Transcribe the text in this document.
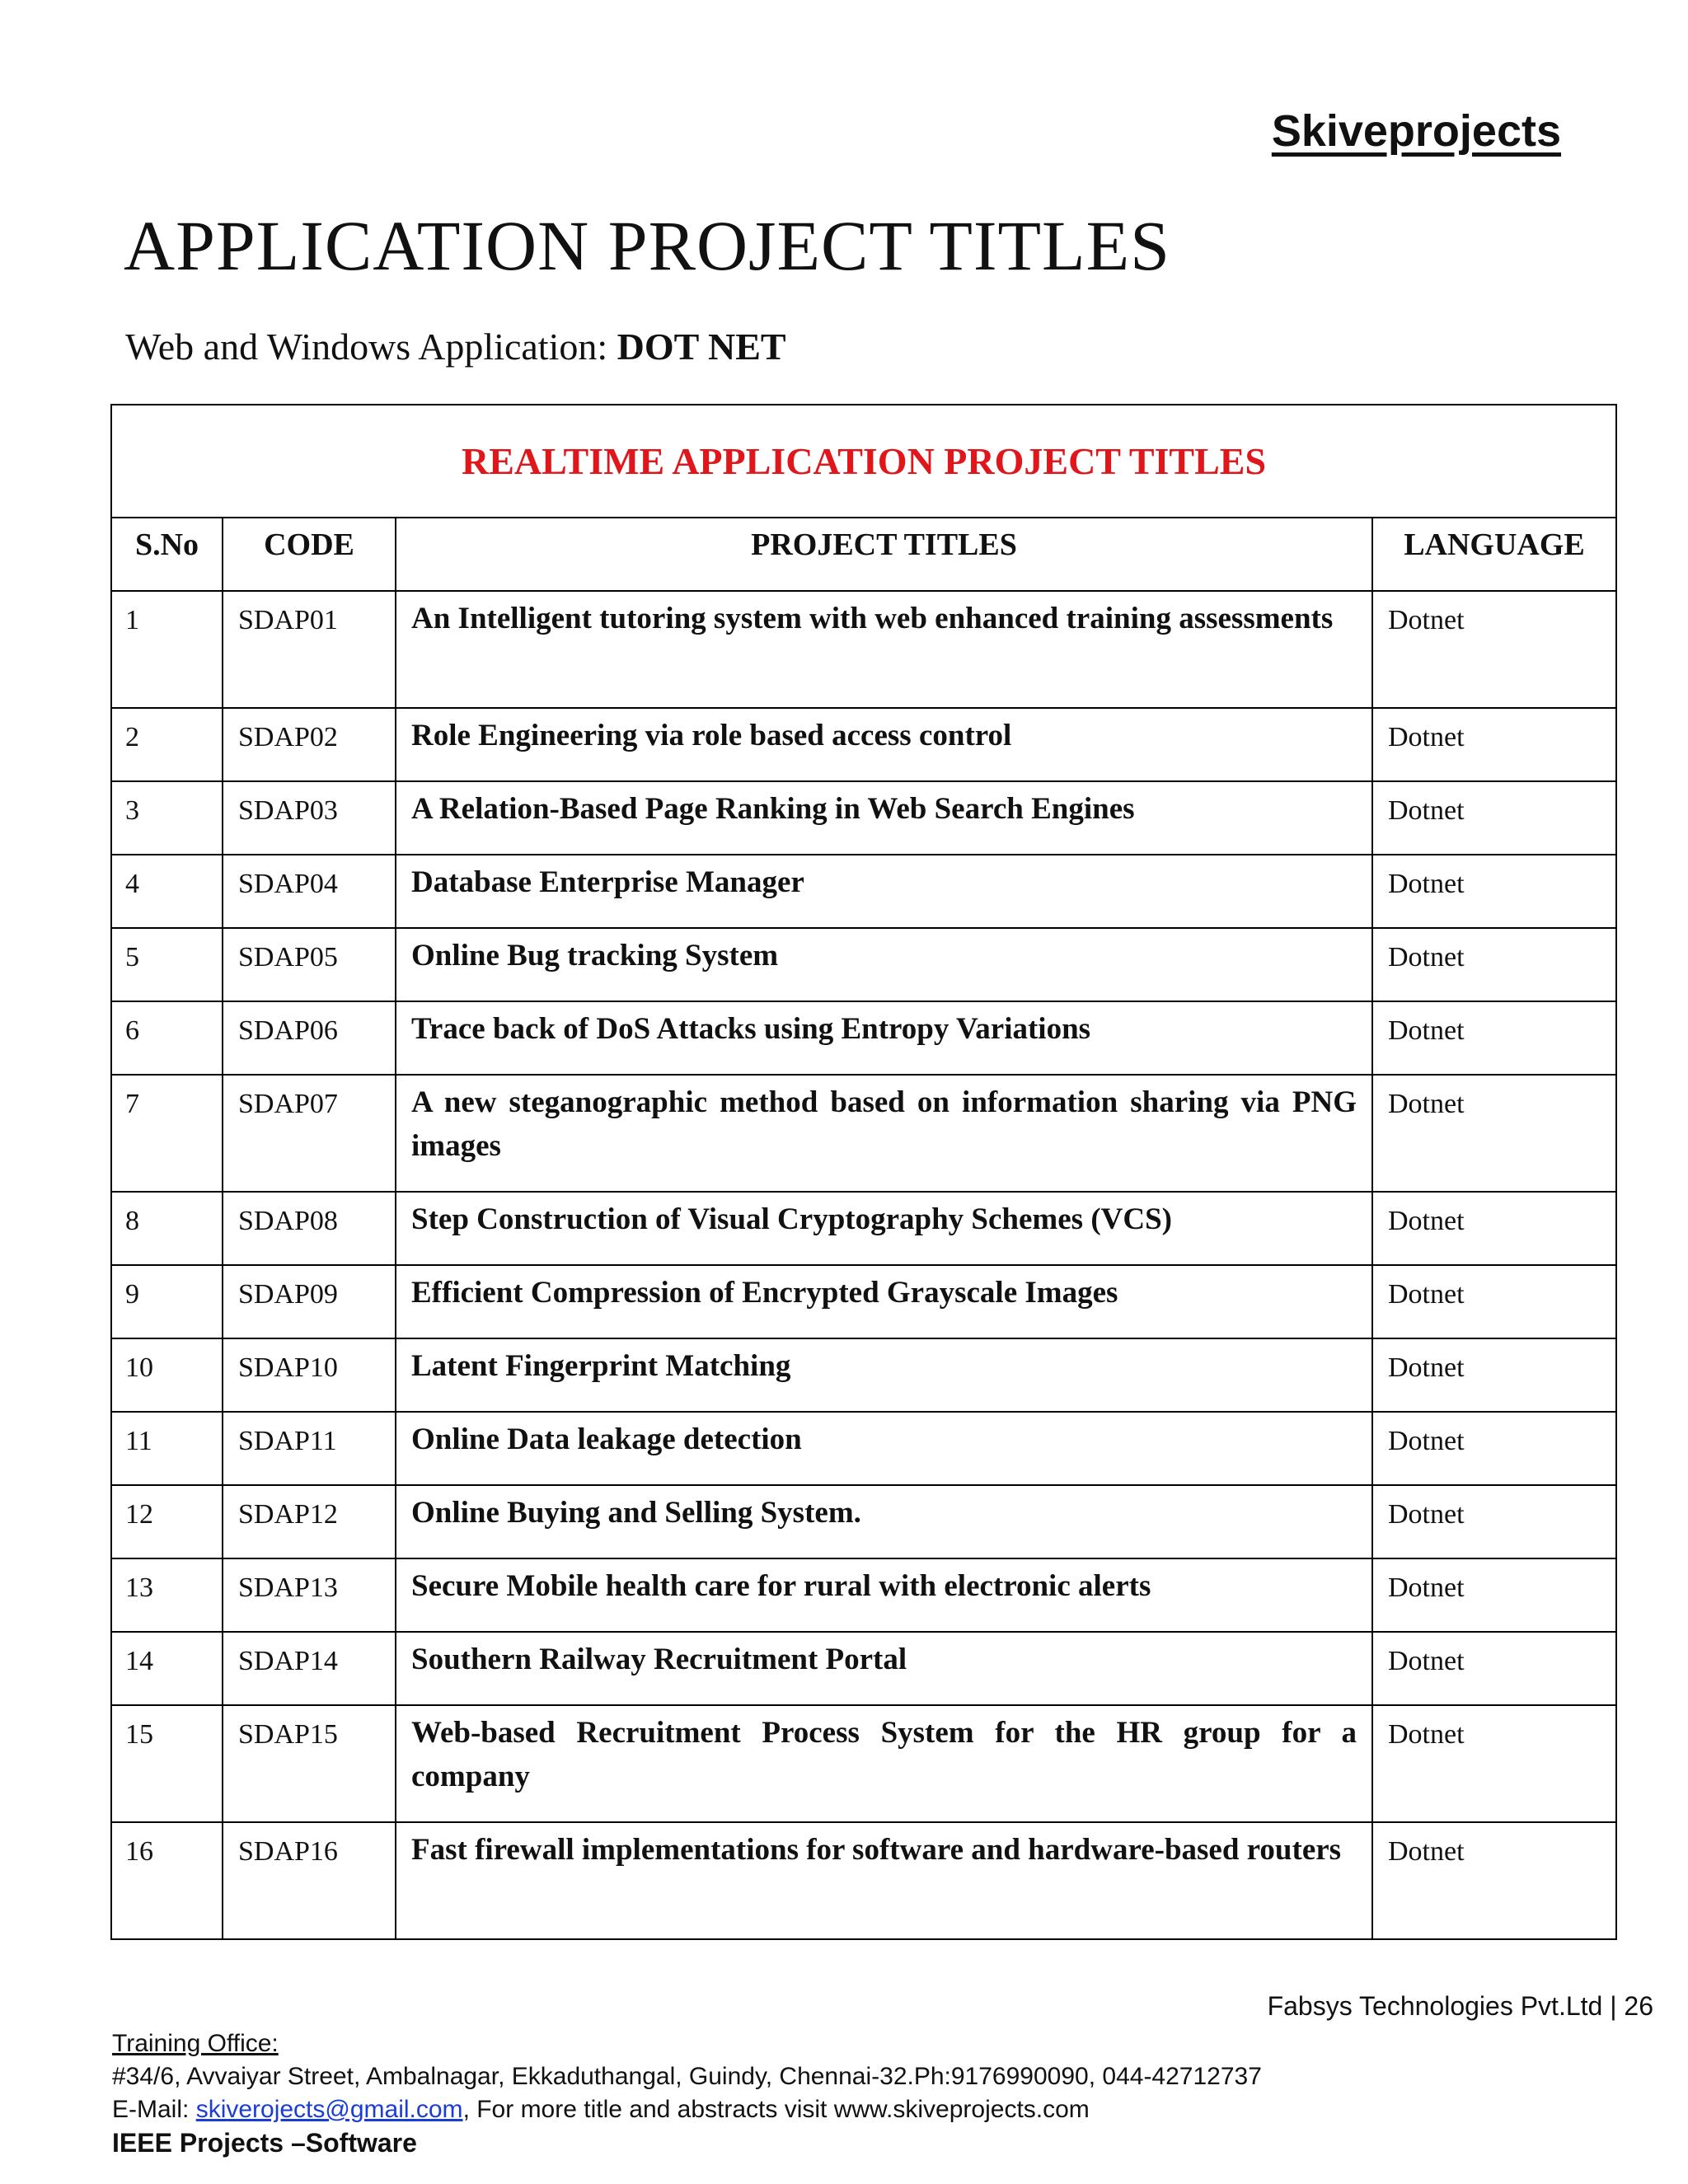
Skiveprojects
APPLICATION PROJECT TITLES
Web and Windows Application: DOT NET
REALTIME APPLICATION PROJECT TITLES			
S.No	CODE	PROJECT TITLES	LANGUAGE
1	SDAP01	An Intelligent tutoring system with web enhanced training assessments	Dotnet
2	SDAP02	Role Engineering via role based access control	Dotnet
3	SDAP03	A Relation-Based Page Ranking in Web Search Engines	Dotnet
4	SDAP04	Database Enterprise Manager	Dotnet
5	SDAP05	Online Bug tracking System	Dotnet
6	SDAP06	Trace back of DoS Attacks using Entropy Variations	Dotnet
7	SDAP07	A new steganographic method based on information sharing via PNG images	Dotnet
8	SDAP08	Step Construction of Visual Cryptography Schemes (VCS)	Dotnet
9	SDAP09	Efficient Compression of Encrypted Grayscale Images	Dotnet
10	SDAP10	Latent Fingerprint Matching	Dotnet
11	SDAP11	Online Data leakage detection	Dotnet
12	SDAP12	Online Buying and Selling System.	Dotnet
13	SDAP13	Secure Mobile health care for rural with electronic alerts	Dotnet
14	SDAP14	Southern Railway Recruitment Portal	Dotnet
15	SDAP15	Web-based Recruitment Process System for the HR group for a company	Dotnet
16	SDAP16	Fast firewall implementations for software and hardware-based routers	Dotnet
Fabsys Technologies Pvt.Ltd | 26
Training Office:
#34/6, Avvaiyar Street, Ambalnagar, Ekkaduthangal, Guindy, Chennai-32.Ph:9176990090, 044-42712737
E-Mail: skiverojects@gmail.com, For more title and abstracts visit www.skiveprojects.com
IEEE Projects –Software
